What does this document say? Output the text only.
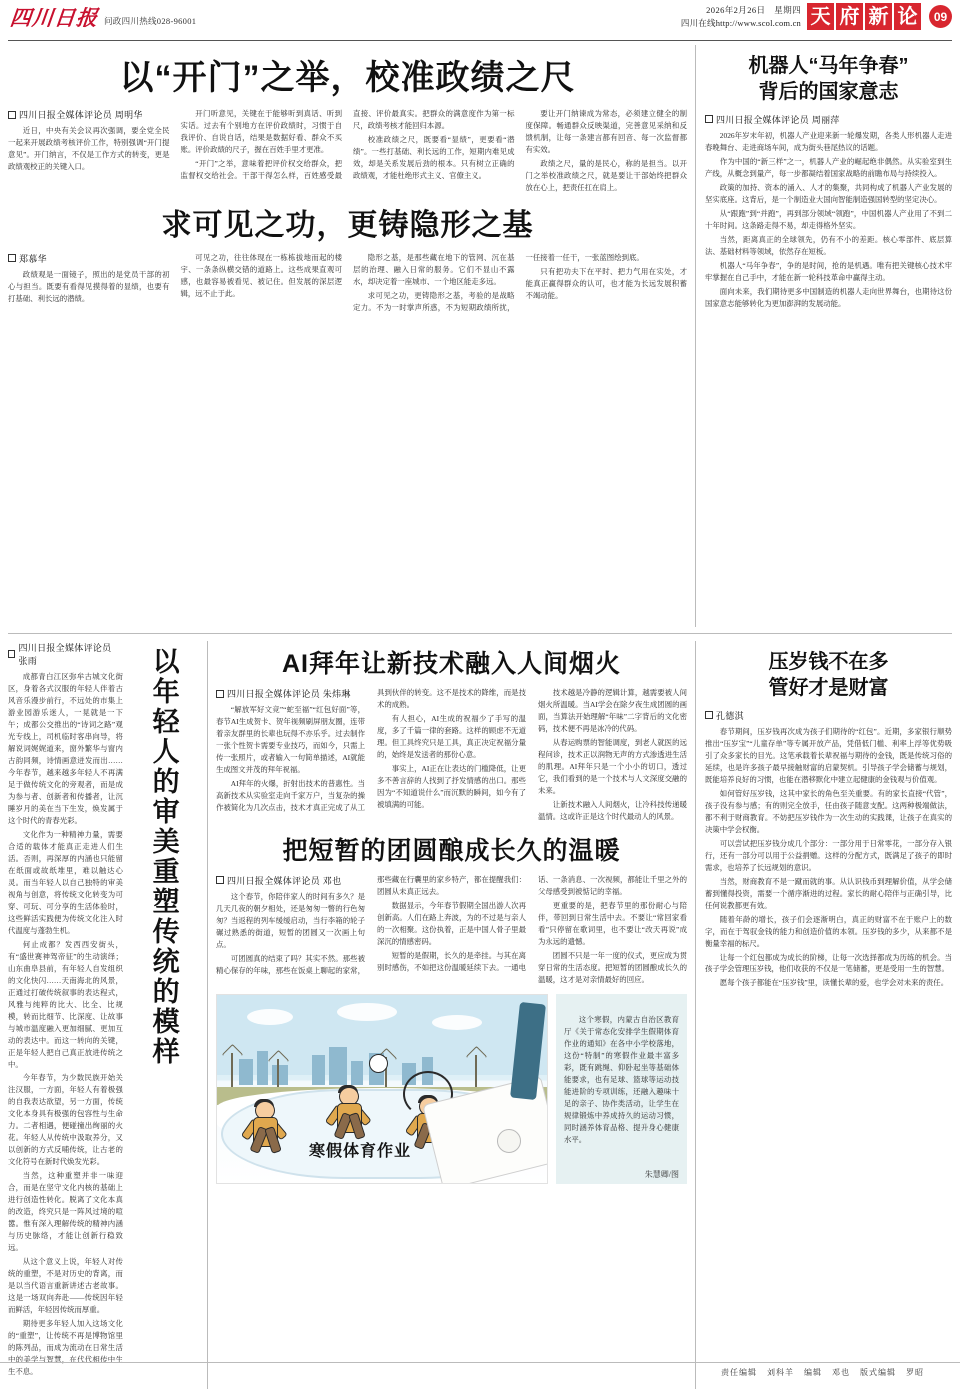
四川日报 问政四川热线028-96001
2026年2月26日　星期四
四川在线http://www.scol.com.cn 天 府 新 论	09
以“开门”之举，校准政绩之尺
四川日报全媒体评论员 周明华

近日，中央有关会议再次强调，要全党全民一起来开展政绩考核评价工作，特别强调“开门提意见”。开门纳言，不仅是工作方式的转变，更是政绩观校正的关键入口。

开门听意见，关键在于能够听到真话、听到实话。过去有个别地方在评价政绩时，习惯于自我评价、自说自话，结果是数据好看、群众不买账。评价政绩的尺子，握在百姓手里才更准。

“开门”之举，意味着把评价权交给群众，把监督权交给社会。干部干得怎么样，百姓感受最直接、评价最真实。把群众的满意度作为第一标尺，政绩考核才能回归本源。

校准政绩之尺，既要看“显绩”，更要看“潜绩”。一些打基础、利长远的工作，短期内难见成效，却是关系发展后劲的根本。只有树立正确的政绩观，才能杜绝形式主义、官僚主义。

要让开门纳谏成为常态，必须建立健全的制度保障。畅通群众反映渠道，完善意见采纳和反馈机制，让每一条建言都有回音、每一次监督都有实效。

政绩之尺，量的是民心，称的是担当。以开门之举校准政绩之尺，就是要让干部始终把群众放在心上，把责任扛在肩上。

求可见之功，更铸隐形之基
郑慕华

政绩观是一面镜子，照出的是党员干部的初心与担当。既要有看得见摸得着的显绩，也要有打基础、利长远的潜绩。

可见之功，往往体现在一栋栋拔地而起的楼宇、一条条纵横交错的道路上。这些成果直观可感，也最容易被看见、被记住。但发展的深层逻辑，远不止于此。

隐形之基，是那些藏在地下的管网、沉在基层的治理、融入日常的服务。它们不显山不露水，却决定着一座城市、一个地区能走多远。

求可见之功，更铸隐形之基，考验的是战略定力。不为一时掌声所惑，不为短期政绩所扰，一任接着一任干，一张蓝图绘到底。

只有把功夫下在平时、把力气用在实处，才能真正赢得群众的认可，也才能为长远发展积蓄不竭动能。

机器人“马年争春”
背后的国家意志
四川日报全媒体评论员 周丽萍

2026年岁末年初，机器人产业迎来新一轮爆发期，各类人形机器人走进春晚舞台、走进商场车间，成为街头巷尾热议的话题。

作为中国的“新三样”之一，机器人产业的崛起绝非偶然。从实验室到生产线，从概念到量产，每一步都凝结着国家战略的前瞻布局与持续投入。

政策的加持、资本的涌入、人才的集聚，共同构成了机器人产业发展的坚实底座。这背后，是一个制造业大国向智能制造强国转型的坚定决心。

从“跟跑”到“并跑”，再到部分领域“领跑”，中国机器人产业用了不到二十年时间。这条路走得不易，却走得格外坚实。

当然，距离真正的全球领先，仍有不小的差距。核心零部件、底层算法、基础材料等领域，依然存在短板。

机器人“马年争春”，争的是时间，抢的是机遇。唯有把关键核心技术牢牢掌握在自己手中，才能在新一轮科技革命中赢得主动。

面向未来，我们期待更多中国制造的机器人走向世界舞台，也期待这份国家意志能够转化为更加澎湃的发展动能。

以年轻人的审美重塑传统的模样
四川日报全媒体评论员 张雨

成都青白江区弥牟古城文化街区，身着各式汉服的年轻人伴着古风音乐漫步前行，不远处的市集上游业园游乐迷人，一晃就是一下午；成都公交推出的“诗词之路”观光专线上，司机临时客串向导，将解说词娓娓道来，窗外繁华与窗内古韵同频，诗情画意迸发而出……今年春节，越来越多年轻人不再满足于做传统文化的旁观者，而是成为参与者、创新者和传播者，让沉睡岁月的美在当下生发，焕发属于这个时代的青春光彩。

文化作为一种精神力量，需要合适的载体才能真正走进人们生活。否则，再深厚的内涵也只能留在纸面或故纸堆里，难以触达心灵。而当年轻人以自己独特的审美视角与创意，将传统文化转变为可穿、可玩、可分享的生活体验时，这些鲜活实践便为传统文化注入时代温度与蓬勃生机。

何止成都？发西西安街头，有“盛世赛神驾帝征”的生动演绎；山东曲阜县前，有年轻人自发组织的文化快闪……天南海北的风景，正通过打破传统叙事的表达程式，风雅与纯粹的比大、比全、比规模，转而比细节、比深度、让故事与城市温度融入更加细腻、更加互动的表达中。而这一转向的关键，正是年轻人把自己真正放进传统之中。

今年春节，为少数民族开始关注汉服，一方面，年轻人有着极强的自我表达欲望，另一方面，传统文化本身具有极强的包容性与生命力。二者相遇，便碰撞出绚丽的火花。年轻人从传统中汲取养分，又以创新的方式反哺传统，让古老的文化符号在新时代焕发光彩。

当然，这种重塑并非一味迎合，而是在坚守文化内核的基础上进行创造性转化。脱离了文化本真的改造，终究只是一阵风过境的喧嚣。惟有深入理解传统的精神内涵与历史脉络，才能让创新行稳致远。

从这个意义上说，年轻人对传统的重塑，不是对历史的背离，而是以当代语言重新讲述古老故事。这是一场双向奔赴——传统因年轻而鲜活，年轻因传统而厚重。

期待更多年轻人加入这场文化的“重塑”，让传统不再是博物馆里的陈列品，而成为流动在日常生活中的美学与智慧，在代代相传中生生不息。

AI拜年让新技术融入人间烟火
四川日报全媒体评论员 朱炜琳

“解放军好文竞”“蛇至福”“红包好面”等，春节AI生成贺卡、贺年视频刷屏朋友圈，连带着亲友群里的长辈也玩得不亦乐乎。过去制作一张个性贺卡需要专业技巧，而如今，只需上传一张照片，或者输入一句简单描述，AI就能生成图文并茂的拜年祝福。

AI拜年的火爆，折射出技术的普惠性。当高新技术从实验室走向千家万户，当复杂的操作被简化为几次点击，技术才真正完成了从工具到伙伴的转变。这不是技术的降维，而是技术的成熟。

有人担心，AI生成的祝福少了手写的温度，多了千篇一律的套路。这样的顾虑不无道理。但工具终究只是工具，真正决定祝福分量的，始终是发送者的那份心意。

事实上，AI正在让表达的门槛降低，让更多不善言辞的人找到了抒发情感的出口。那些因为“不知道说什么”而沉默的瞬间，如今有了被填满的可能。

技术越是冷静的逻辑计算，越需要被人间烟火所温暖。当AI学会在除夕夜生成团圆的画面，当算法开始理解“年味”二字背后的文化密码，技术便不再是冰冷的代码。

从春运购票的智能调度，到老人就医的远程问诊，技术正以润物无声的方式渗透进生活的肌理。AI拜年只是一个小小的切口，透过它，我们看到的是一个技术与人文深度交融的未来。

让新技术融入人间烟火，让冷科技传递暖温情。这或许正是这个时代最动人的风景。

把短暂的团圆酿成长久的温暖
四川日报全媒体评论员 邓也

这个春节，你陪伴家人的时间有多久？是几天几夜的朝夕相处，还是匆匆一瞥的行色匆匆？当返程的列车缓缓启动，当行李箱的轮子碾过熟悉的街道，短暂的团圆又一次画上句点。

可团圆真的结束了吗？其实不然。那些被精心保存的年味，那些在饭桌上聊起的家常，那些藏在行囊里的家乡特产，都在提醒我们：团圆从未真正远去。

数据显示，今年春节假期全国出游人次再创新高。人们在路上奔波，为的不过是与亲人的一次相聚。这份执着，正是中国人骨子里最深沉的情感密码。

短暂的是假期，长久的是牵挂。与其在离别时感伤，不如把这份温暖延续下去。一通电话、一条消息、一次视频，都能让千里之外的父母感受到被惦记的幸福。

更重要的是，把春节里的那份耐心与陪伴，带回到日常生活中去。不要让“常回家看看”只停留在歌词里，也不要让“改天再说”成为永远的遗憾。

团圆不只是一年一度的仪式，更应成为贯穿日常的生活态度。把短暂的团圆酿成长久的温暖，这才是对亲情最好的回应。

寒假体育作业

这个寒假，内蒙古自治区教育厅《关于常态化安排学生假期体育作业的通知》在各中小学校落地，这份“特制”的寒假作业最丰富多彩，既有跳绳、仰卧起坐等基础体能要求，也有足球、篮球等运动技能进阶的专项训练，还融入趣味十足的亲子、协作类活动，让学生在规律锻炼中养成持久的运动习惯，同时涵养体育品格、提升身心健康水平。

朱慧卿/图
压岁钱不在多
管好才是财富
孔德淇

春节期间，压岁钱再次成为孩子们期待的“红包”。近期，多家银行顺势推出“压岁宝”“儿童存单”等专属开放产品，凭借低门槛、利率上浮等优势吸引了众多家长的目光。这笔承载着长辈祝福与期待的金钱，既是传统习俗的延续，也是许多孩子最早接触财富的启蒙契机。引导孩子学会储蓄与规划，既能培养良好的习惯，也能在潜移默化中建立起健康的金钱观与价值观。

如何管好压岁钱，这其中家长的角色至关重要。有的家长直接“代管”，孩子没有参与感；有的则完全放手，任由孩子随意支配。这两种极端做法，都不利于财商教育。不妨把压岁钱作为一次生动的实践课，让孩子在真实的决策中学会权衡。

可以尝试把压岁钱分成几个部分：一部分用于日常零花，一部分存入银行，还有一部分可以用于公益捐赠。这样的分配方式，既满足了孩子的即时需求，也培养了长远规划的意识。

当然，财商教育不是一蹴而就的事。从认识钱币到理解价值，从学会储蓄到懂得投资，需要一个循序渐进的过程。家长的耐心陪伴与正确引导，比任何说教都更有效。

随着年龄的增长，孩子们会逐渐明白，真正的财富不在于账户上的数字，而在于驾驭金钱的能力和创造价值的本领。压岁钱的多少，从来都不是衡量幸福的标尺。

让每一个红包都成为成长的阶梯，让每一次选择都成为历练的机会。当孩子学会管理压岁钱，他们收获的不仅是一笔储蓄，更是受用一生的智慧。

愿每个孩子都能在“压岁钱”里，读懂长辈的爱，也学会对未来的责任。

责任编辑 刘科羊 编辑 邓也 版式编辑 罗昭
